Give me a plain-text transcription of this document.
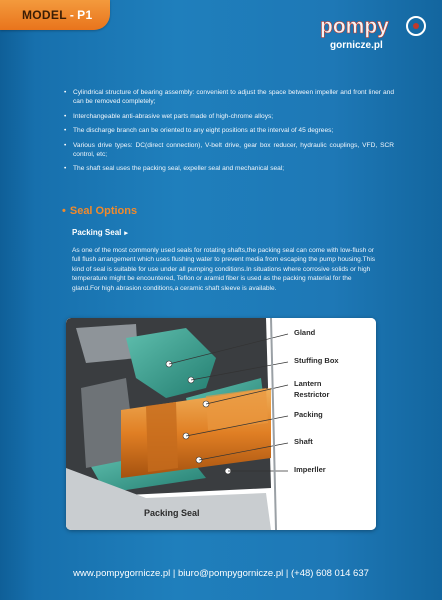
MODEL - P1	pompy
gornicze.pl
• Cylindrical structure of bearing assembly: convenient to adjust the space between impeller and front liner and can be removed completely;
• Interchangeable anti-abrasive wet parts made of high-chrome alloys;
• The discharge branch can be oriented to any eight positions at the interval of 45 degrees;
• Various drive types: DC(direct connection), V-belt drive, gear box reducer, hydraulic couplings, VFD, SCR control, etc;
• The shaft seal uses the packing seal, expeller seal and mechanical seal;
• Seal Options
Packing Seal ▸

As one of the most commonly used seals for rotating shafts,the packing seal can come with low-flush or full flush arrangement which uses flushing water to prevent media from escaping the pump housing.This kind of seal is suitable for use under all pumping conditions.In situations where corrosive solids or high temperature might be encountered, Teflon or aramid fiber is used as the packing material for the gland.For high abrasion conditions,a ceramic shaft sleeve is available.

Gland
Stuffing Box
Lantern
Restrictor
Packing
Shaft
Imperller
Packing Seal
www.pompygornicze.pl | biuro@pompygornicze.pl | (+48) 608 014 637
